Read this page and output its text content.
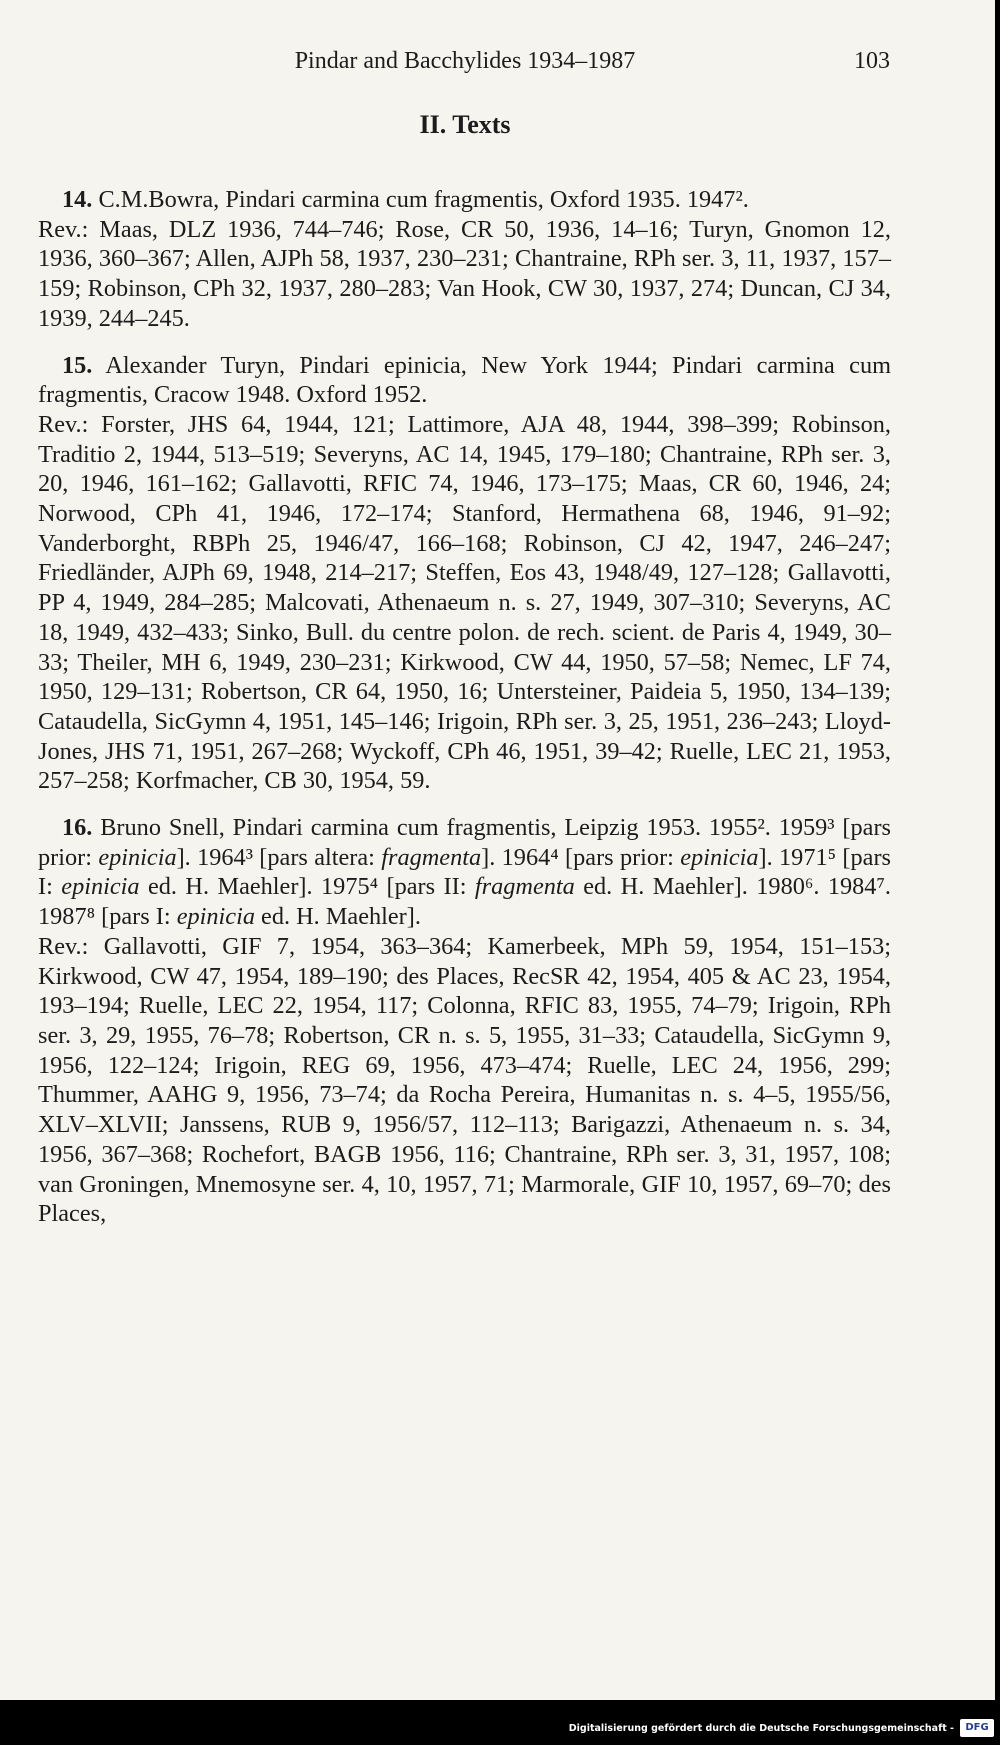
Pindar and Bacchylides 1934–1987	103
II. Texts

14. C.M.Bowra, Pindari carmina cum fragmentis, Oxford 1935. 1947².

Rev.: Maas, DLZ 1936, 744–746; Rose, CR 50, 1936, 14–16; Turyn, Gnomon 12, 1936, 360–367; Allen, AJPh 58, 1937, 230–231; Chantraine, RPh ser. 3, 11, 1937, 157–159; Robinson, CPh 32, 1937, 280–283; Van Hook, CW 30, 1937, 274; Duncan, CJ 34, 1939, 244–245.

15. Alexander Turyn, Pindari epinicia, New York 1944; Pindari carmina cum fragmentis, Cracow 1948. Oxford 1952.

Rev.: Forster, JHS 64, 1944, 121; Lattimore, AJA 48, 1944, 398–399; Robinson, Traditio 2, 1944, 513–519; Severyns, AC 14, 1945, 179–180; Chantraine, RPh ser. 3, 20, 1946, 161–162; Gallavotti, RFIC 74, 1946, 173–175; Maas, CR 60, 1946, 24; Norwood, CPh 41, 1946, 172–174; Stanford, Hermathena 68, 1946, 91–92; Vanderborght, RBPh 25, 1946/47, 166–168; Robinson, CJ 42, 1947, 246–247; Friedländer, AJPh 69, 1948, 214–217; Steffen, Eos 43, 1948/49, 127–128; Gallavotti, PP 4, 1949, 284–285; Malcovati, Athenaeum n. s. 27, 1949, 307–310; Severyns, AC 18, 1949, 432–433; Sinko, Bull. du centre polon. de rech. scient. de Paris 4, 1949, 30–33; Theiler, MH 6, 1949, 230–231; Kirkwood, CW 44, 1950, 57–58; Nemec, LF 74, 1950, 129–131; Robertson, CR 64, 1950, 16; Untersteiner, Paideia 5, 1950, 134–139; Cataudella, SicGymn 4, 1951, 145–146; Irigoin, RPh ser. 3, 25, 1951, 236–243; Lloyd-Jones, JHS 71, 1951, 267–268; Wyckoff, CPh 46, 1951, 39–42; Ruelle, LEC 21, 1953, 257–258; Korfmacher, CB 30, 1954, 59.

16. Bruno Snell, Pindari carmina cum fragmentis, Leipzig 1953. 1955². 1959³ [pars prior: epinicia]. 1964³ [pars altera: fragmenta]. 1964⁴ [pars prior: epinicia]. 1971⁵ [pars I: epinicia ed. H. Maehler]. 1975⁴ [pars II: fragmenta ed. H. Maehler]. 1980⁶. 1984⁷. 1987⁸ [pars I: epinicia ed. H. Maehler].

Rev.: Gallavotti, GIF 7, 1954, 363–364; Kamerbeek, MPh 59, 1954, 151–153; Kirkwood, CW 47, 1954, 189–190; des Places, RecSR 42, 1954, 405 & AC 23, 1954, 193–194; Ruelle, LEC 22, 1954, 117; Colonna, RFIC 83, 1955, 74–79; Irigoin, RPh ser. 3, 29, 1955, 76–78; Robertson, CR n. s. 5, 1955, 31–33; Cataudella, SicGymn 9, 1956, 122–124; Irigoin, REG 69, 1956, 473–474; Ruelle, LEC 24, 1956, 299; Thummer, AAHG 9, 1956, 73–74; da Rocha Pereira, Humanitas n. s. 4–5, 1955/56, XLV–XLVII; Janssens, RUB 9, 1956/57, 112–113; Barigazzi, Athenaeum n. s. 34, 1956, 367–368; Rochefort, BAGB 1956, 116; Chantraine, RPh ser. 3, 31, 1957, 108; van Groningen, Mnemosyne ser. 4, 10, 1957, 71; Marmorale, GIF 10, 1957, 69–70; des Places,

Digitalisierung gefördert durch die Deutsche Forschungsgemeinschaft -	DFG
